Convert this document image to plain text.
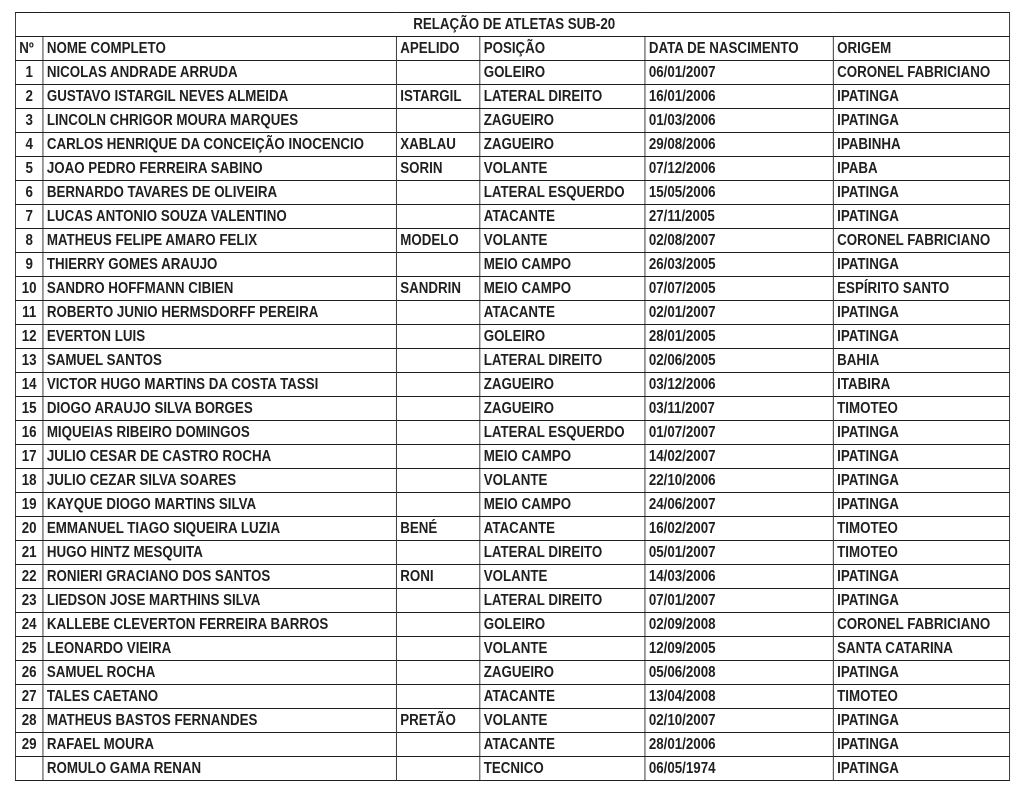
RELAÇÃO DE ATLETAS SUB-20					
Nº	NOME COMPLETO	APELIDO	POSIÇÃO	DATA DE NASCIMENTO	ORIGEM
1	NICOLAS ANDRADE ARRUDA		GOLEIRO	06/01/2007	CORONEL FABRICIANO
2	GUSTAVO ISTARGIL NEVES ALMEIDA	ISTARGIL	LATERAL DIREITO	16/01/2006	IPATINGA
3	LINCOLN CHRIGOR MOURA MARQUES		ZAGUEIRO	01/03/2006	IPATINGA
4	CARLOS HENRIQUE DA CONCEIÇÃO INOCENCIO	XABLAU	ZAGUEIRO	29/08/2006	IPABINHA
5	JOAO PEDRO FERREIRA SABINO	SORIN	VOLANTE	07/12/2006	IPABA
6	BERNARDO TAVARES DE OLIVEIRA		LATERAL ESQUERDO	15/05/2006	IPATINGA
7	LUCAS ANTONIO SOUZA VALENTINO		ATACANTE	27/11/2005	IPATINGA
8	MATHEUS FELIPE AMARO FELIX	MODELO	VOLANTE	02/08/2007	CORONEL FABRICIANO
9	THIERRY GOMES ARAUJO		MEIO CAMPO	26/03/2005	IPATINGA
10	SANDRO HOFFMANN CIBIEN	SANDRIN	MEIO CAMPO	07/07/2005	ESPÍRITO SANTO
11	ROBERTO JUNIO HERMSDORFF PEREIRA		ATACANTE	02/01/2007	IPATINGA
12	EVERTON LUIS		GOLEIRO	28/01/2005	IPATINGA
13	SAMUEL SANTOS		LATERAL DIREITO	02/06/2005	BAHIA
14	VICTOR HUGO MARTINS DA COSTA TASSI		ZAGUEIRO	03/12/2006	ITABIRA
15	DIOGO ARAUJO SILVA BORGES		ZAGUEIRO	03/11/2007	TIMOTEO
16	MIQUEIAS RIBEIRO DOMINGOS		LATERAL ESQUERDO	01/07/2007	IPATINGA
17	JULIO CESAR DE CASTRO ROCHA		MEIO CAMPO	14/02/2007	IPATINGA
18	JULIO CEZAR SILVA SOARES		VOLANTE	22/10/2006	IPATINGA
19	KAYQUE DIOGO MARTINS SILVA		MEIO CAMPO	24/06/2007	IPATINGA
20	EMMANUEL TIAGO SIQUEIRA LUZIA	BENÉ	ATACANTE	16/02/2007	TIMOTEO
21	HUGO HINTZ MESQUITA		LATERAL DIREITO	05/01/2007	TIMOTEO
22	RONIERI GRACIANO DOS SANTOS	RONI	VOLANTE	14/03/2006	IPATINGA
23	LIEDSON JOSE MARTHINS SILVA		LATERAL DIREITO	07/01/2007	IPATINGA
24	KALLEBE CLEVERTON FERREIRA BARROS		GOLEIRO	02/09/2008	CORONEL FABRICIANO
25	LEONARDO VIEIRA		VOLANTE	12/09/2005	SANTA CATARINA
26	SAMUEL ROCHA		ZAGUEIRO	05/06/2008	IPATINGA
27	TALES CAETANO		ATACANTE	13/04/2008	TIMOTEO
28	MATHEUS BASTOS FERNANDES	PRETÃO	VOLANTE	02/10/2007	IPATINGA
29	RAFAEL MOURA		ATACANTE	28/01/2006	IPATINGA
	ROMULO GAMA RENAN		TECNICO	06/05/1974	IPATINGA
